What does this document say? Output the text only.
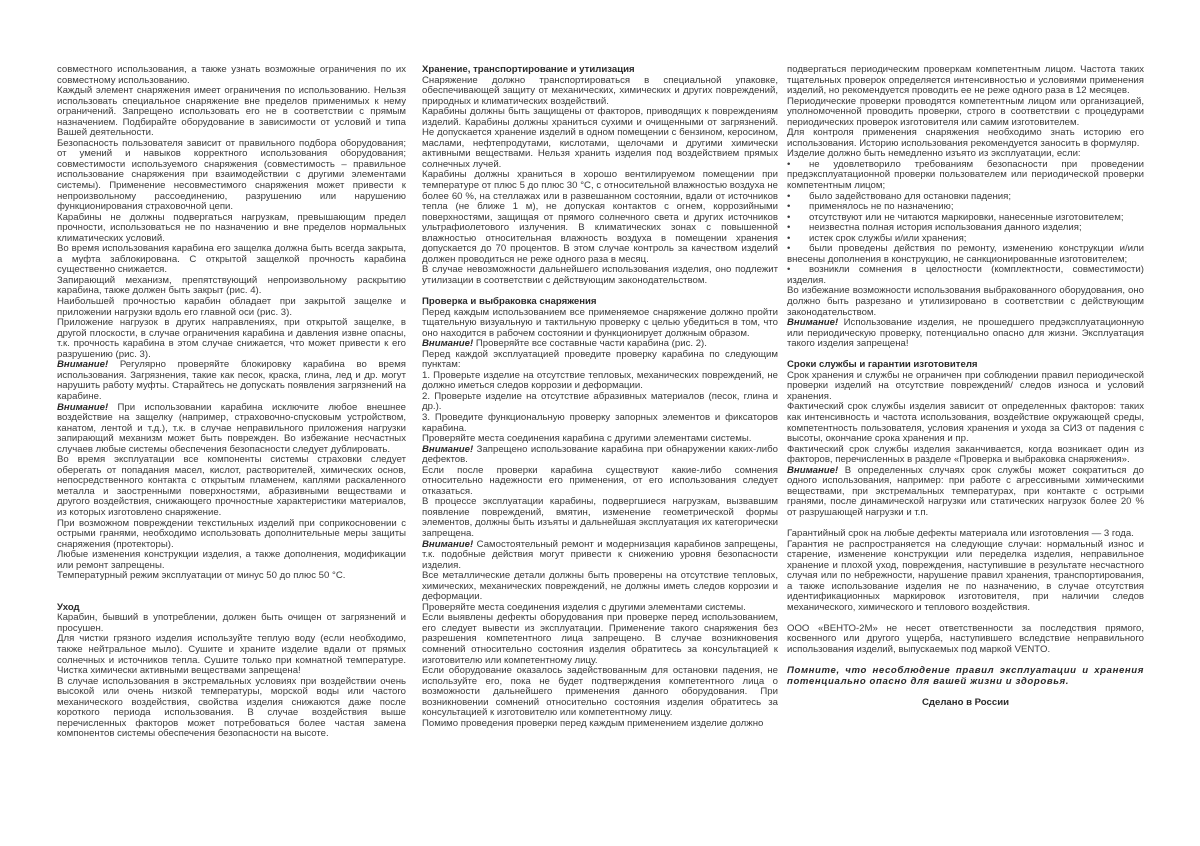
совместного использования, а также узнать возможные ограничения по их совместному использованию.

Каждый элемент снаряжения имеет ограничения по использованию. Нельзя использовать специальное снаряжение вне пределов применимых к нему ограничений. Запрещено использовать его не в соответствии с прямым назначением. Подбирайте оборудование в зависимости от условий и типа Вашей деятельности.

Безопасность пользователя зависит от правильного подбора оборудования; от умений и навыков корректного использования оборудования; совместимости используемого снаряжения (совместимость – правильное использование снаряжения при взаимодействии с другими элементами системы). Применение несовместимого снаряжения может привести к непроизвольному рассоединению, разрушению или нарушению функционирования страховочной цепи.

Карабины не должны подвергаться нагрузкам, превышающим предел прочности, использоваться не по назначению и вне пределов нормальных климатических условий.

Во время использования карабина его защелка должна быть всегда закрыта, а муфта заблокирована. С открытой защелкой прочность карабина существенно снижается.

Запирающий механизм, препятствующий непроизвольному раскрытию карабина, также должен быть закрыт (рис. 4).

Наибольшей прочностью карабин обладает при закрытой защелке и приложении нагрузки вдоль его главной оси (рис. 3).

Приложение нагрузок в других направлениях, при открытой защелке, в другой плоскости, в случае ограничения карабина и давления извне опасны, т.к. прочность карабина в этом случае снижается, что может привести к его разрушению (рис. 3).

Внимание! Регулярно проверяйте блокировку карабина во время использования. Загрязнения, такие как песок, краска, глина, лед и др. могут нарушить работу муфты. Старайтесь не допускать появления загрязнений на карабине.

Внимание! При использовании карабина исключите любое внешнее воздействие на защелку (например, страховочно-спусковым устройством, канатом, лентой и т.д.), т.к. в случае неправильного приложения нагрузки запирающий механизм может быть поврежден. Во избежание несчастных случаев любые системы обеспечения безопасности следует дублировать.

Во время эксплуатации все компоненты системы страховки следует оберегать от попадания масел, кислот, растворителей, химических основ, непосредственного контакта с открытым пламенем, каплями раскаленного металла и заостренными поверхностями, абразивными веществами и другого воздействия, снижающего прочностные характеристики материалов, из которых изготовлено снаряжение.

При возможном повреждении текстильных изделий при соприкосновении с острыми гранями, необходимо использовать дополнительные меры защиты снаряжения (протекторы).

Любые изменения конструкции изделия, а также дополнения, модификации или ремонт запрещены.

Температурный режим эксплуатации от минус 50 до плюс 50 °С.

Уход

Карабин, бывший в употреблении, должен быть очищен от загрязнений и просушен.

Для чистки грязного изделия используйте теплую воду (если необходимо, также нейтральное мыло). Сушите и храните изделие вдали от прямых солнечных и источников тепла. Сушите только при комнатной температуре. Чистка химически активными веществами запрещена!

В случае использования в экстремальных условиях при воздействии очень высокой или очень низкой температуры, морской воды или частого механического воздействия, свойства изделия снижаются даже после короткого периода использования. В случае воздействия выше перечисленных факторов может потребоваться более частая замена компонентов системы обеспечения безопасности на высоте.

Хранение, транспортирование и утилизация

Снаряжение должно транспортироваться в специальной упаковке, обеспечивающей защиту от механических, химических и других повреждений, природных и климатических воздействий.

Карабины должны быть защищены от факторов, приводящих к повреждениям изделий. Карабины должны храниться сухими и очищенными от загрязнений. Не допускается хранение изделий в одном помещении с бензином, керосином, маслами, нефтепродутами, кислотами, щелочами и другими химически активными веществами. Нельзя хранить изделия под воздействием прямых солнечных лучей.

Карабины должны храниться в хорошо вентилируемом помещении при температуре от плюс 5 до плюс 30 °С, с относительной влажностью воздуха не более 60 %, на стеллажах или в развешанном состоянии, вдали от источников тепла (не ближе 1 м), не допуская контактов с огнем, коррозийными поверхностями, защищая от прямого солнечного света и других источников ультрафиолетового излучения. В климатических зонах с повышенной влажностью относительная влажность воздуха в помещении хранения допускается до 70 процентов. В этом случае контроль за качеством изделий должен проводиться не реже одного раза в месяц.

В случае невозможности дальнейшего использования изделия, оно подлежит утилизации в соответствии с действующим законодательством.

Проверка и выбраковка снаряжения

Перед каждым использованием все применяемое снаряжение должно пройти тщательную визуальную и тактильную проверку с целью убедиться в том, что оно находится в рабочем состоянии и функционирует должным образом.

Внимание! Проверяйте все составные части карабина (рис. 2).

Перед каждой эксплуатацией проведите проверку карабина по следующим пунктам:

1. Проверьте изделие на отсутствие тепловых, механических повреждений, не должно иметься следов коррозии и деформации.

2. Проверьте изделие на отсутствие абразивных материалов (песок, глина и др.).

3. Проведите функциональную проверку запорных элементов и фиксаторов карабина.

Проверяйте места соединения карабина с другими элементами системы.

Внимание! Запрещено использование карабина при обнаружении каких-либо дефектов.

Если после проверки карабина существуют какие-либо сомнения относительно надежности его применения, от его использования следует отказаться.

В процессе эксплуатации карабины, подвергшиеся нагрузкам, вызвавшим появление повреждений, вмятин, изменение геометрической формы элементов, должны быть изъяты и дальнейшая эксплуатация их категорически запрещена.

Внимание! Самостоятельный ремонт и модернизация карабинов запрещены, т.к. подобные действия могут привести к снижению уровня безопасности изделия.

Все металлические детали должны быть проверены на отсутствие тепловых, химических, механических повреждений, не должны иметь следов коррозии и деформации.

Проверяйте места соединения изделия с другими элементами системы.

Если выявлены дефекты оборудования при проверке перед использованием, его следует вывести из эксплуатации. Применение такого снаряжения без разрешения компетентного лица запрещено. В случае возникновения сомнений относительно состояния изделия обратитесь за консультацией к изготовителю или компетентному лицу.

Если оборудование оказалось задействованным для остановки падения, не используйте его, пока не будет подтверждения компетентного лица о возможности дальнейшего применения данного оборудования. При возникновении сомнений относительно состояния изделия обратитесь за консультацией к изготовителю или компетентному лицу.

Помимо проведения проверки перед каждым применением изделие должно

подвергаться периодическим проверкам компетентным лицом. Частота таких тщательных проверок определяется интенсивностью и условиями применения изделий, но рекомендуется проводить ее не реже одного раза в 12 месяцев.

Периодические проверки проводятся компетентным лицом или организацией, уполномоченной проводить проверки, строго в соответствии с процедурами периодических проверок изготовителя или самим изготовителем.

Для контроля применения снаряжения необходимо знать историю его использования. Историю использования рекомендуется заносить в формуляр.

Изделие должно быть немедленно изъято из эксплуатации, если:

• не удовлетворило требованиям безопасности при проведении предэксплуатационной проверки пользователем или периодической проверки компетентным лицом;

• было задействовано для остановки падения;

• применялось не по назначению;

• отсутствуют или не читаются маркировки, нанесенные изготовителем;

• неизвестна полная история использования данного изделия;

• истек срок службы и/или хранения;

• были проведены действия по ремонту, изменению конструкции и/или внесены дополнения в конструкцию, не санкционированные изготовителем;

• возникли сомнения в целостности (комплектности, совместимости) изделия.

Во избежание возможности использования выбракованного оборудования, оно должно быть разрезано и утилизировано в соответствии с действующим законодательством.

Внимание! Использование изделия, не прошедшего предэксплуатационную или периодическую проверку, потенциально опасно для жизни. Эксплуатация такого изделия запрещена!

Сроки службы и гарантии изготовителя

Срок хранения и службы не ограничен при соблюдении правил периодической проверки изделий на отсутствие повреждений/ следов износа и условий хранения.

Фактический срок службы изделия зависит от определенных факторов: таких как интенсивность и частота использования, воздействие окружающей среды, компетентность пользователя, условия хранения и ухода за СИЗ от падения с высоты, окончание срока хранения и пр.

Фактический срок службы изделия заканчивается, когда возникает один из факторов, перечисленных в разделе «Проверка и выбраковка снаряжения».

Внимание! В определенных случаях срок службы может сократиться до одного использования, например: при работе с агрессивными химическими веществами, при экстремальных температурах, при контакте с острыми гранями, после динамической нагрузки или статических нагрузок более 20 % от разрушающей нагрузки и т.п.

Гарантийный срок на любые дефекты материала или изготовления — 3 года.

Гарантия не распространяется на следующие случаи: нормальный износ и старение, изменение конструкции или переделка изделия, неправильное хранение и плохой уход, повреждения, наступившие в результате несчастного случая или по небрежности, нарушение правил хранения, транспортирования, а также использование изделия не по назначению, в случае отсутствия идентификационных маркировок изготовителя, при наличии следов механического, химического и теплового воздействия.

ООО «ВЕНТО-2М» не несет ответственности за последствия прямого, косвенного или другого ущерба, наступившего вследствие неправильного использования изделий, выпускаемых под маркой VENTO.

Помните, что несоблюдение правил эксплуатации и хранения потенциально опасно для вашей жизни и здоровья.

Сделано в России
